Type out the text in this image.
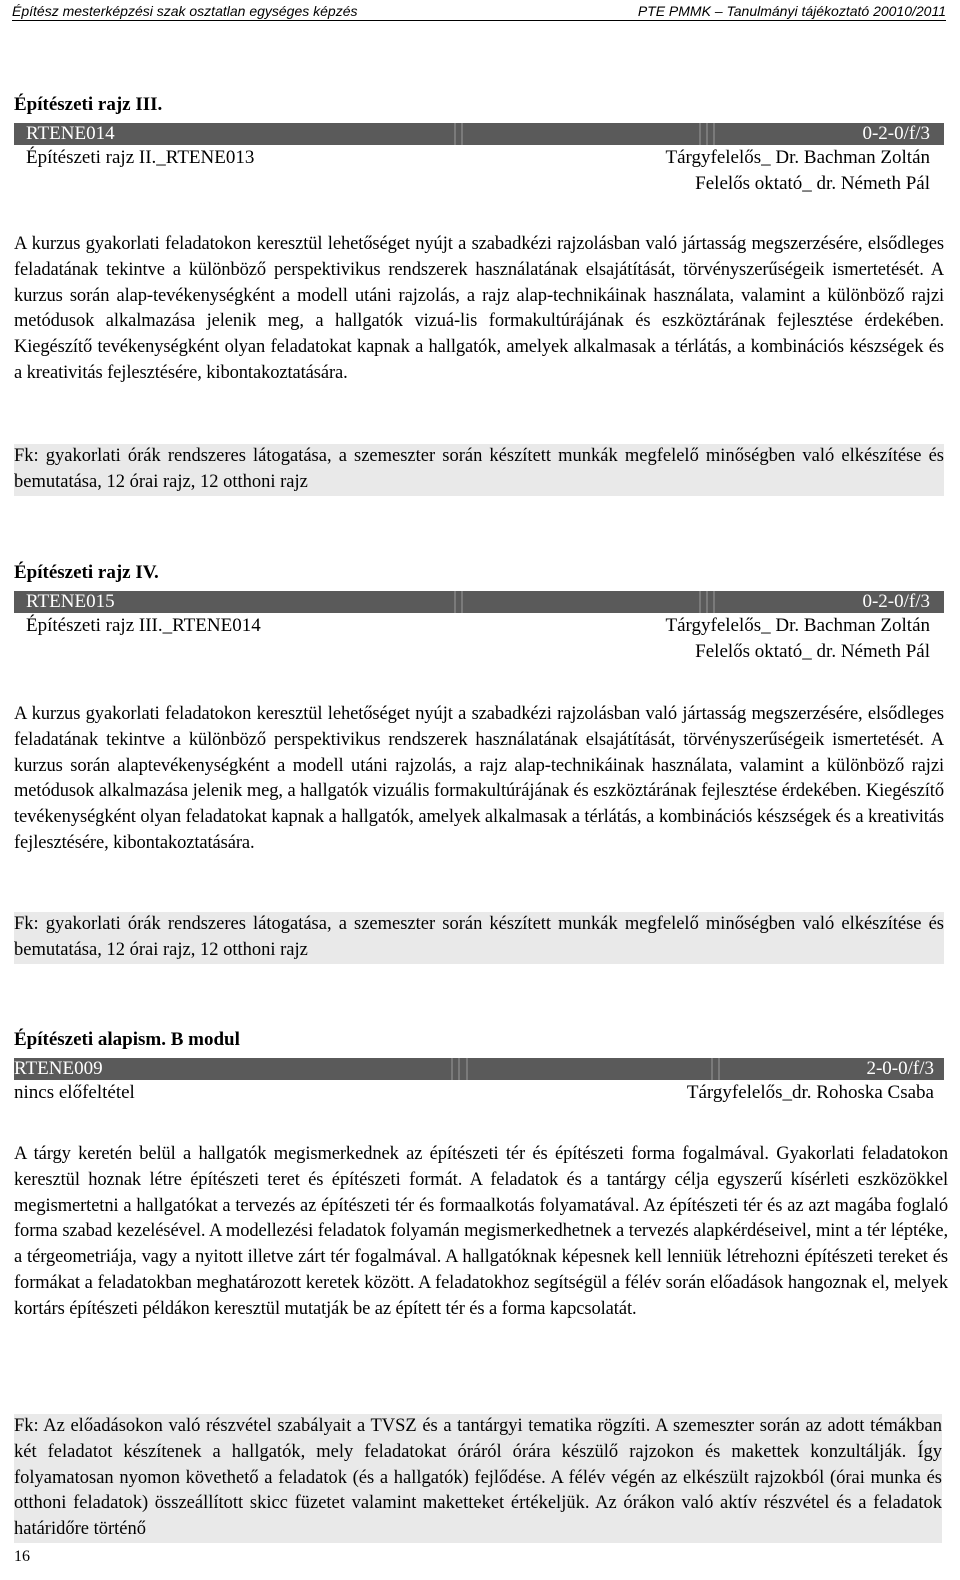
Építész mesterképzési szak osztatlan egységes képzés	PTE PMMK – Tanulmányi tájékoztató 20010/2011
Építészeti rajz III.
RTENE014	0-2-0/f/3
Építészeti rajz II._RTENE013	Tárgyfelelős_ Dr. Bachman Zoltán
Felelős oktató_ dr. Németh Pál
A kurzus gyakorlati feladatokon keresztül lehetőséget nyújt a szabadkézi rajzolásban való jártasság megszerzésére, elsődleges feladatának tekintve a különböző perspektivikus rendszerek használatának elsajátítását, törvényszerűségeik ismertetését. A kurzus során alap-tevékenységként a modell utáni rajzolás, a rajz alap-technikáinak használata, valamint a különböző rajzi metódusok alkalmazása jelenik meg, a hallgatók vizuá-lis formakultúrájának és eszköztárának fejlesztése érdekében. Kiegészítő tevékenységként olyan feladatokat kapnak a hallgatók, amelyek alkalmasak a térlátás, a kombinációs készségek és a kreativitás fejlesztésére, kibontakoztatására.
Fk: gyakorlati órák rendszeres látogatása, a szemeszter során készített munkák megfelelő minőségben való elkészítése és bemutatása, 12 órai rajz, 12 otthoni rajz
Építészeti rajz IV.
RTENE015	0-2-0/f/3
Építészeti rajz III._RTENE014	Tárgyfelelős_ Dr. Bachman Zoltán
Felelős oktató_ dr. Németh Pál
A kurzus gyakorlati feladatokon keresztül lehetőséget nyújt a szabadkézi rajzolásban való jártasság megszerzésére, elsődleges feladatának tekintve a különböző perspektivikus rendszerek használatának elsajátítását, törvényszerűségeik ismertetését. A kurzus során alaptevékenységként a modell utáni rajzolás, a rajz alap-technikáinak használata, valamint a különböző rajzi metódusok alkalmazása jelenik meg, a hallgatók vizuális formakultúrájának és eszköztárának fejlesztése érdekében. Kiegészítő tevékenységként olyan feladatokat kapnak a hallgatók, amelyek alkalmasak a térlátás, a kombinációs készségek és a kreativitás fejlesztésére, kibontakoztatására.
Fk: gyakorlati órák rendszeres látogatása, a szemeszter során készített munkák megfelelő minőségben való elkészítése és bemutatása, 12 órai rajz, 12 otthoni rajz
Építészeti alapism. B modul
RTENE009	2-0-0/f/3
nincs előfeltétel	Tárgyfelelős_dr. Rohoska Csaba
A tárgy keretén belül a hallgatók megismerkednek az építészeti tér és építészeti forma fogalmával. Gyakorlati feladatokon keresztül hoznak létre építészeti teret és építészeti formát. A feladatok és a tantárgy célja egyszerű kísérleti eszközökkel megismertetni a hallgatókat a tervezés az építészeti tér és formaalkotás folyamatával. Az építészeti tér és az azt magába foglaló forma szabad kezelésével. A modellezési feladatok folyamán megismerkedhetnek a tervezés alapkérdéseivel, mint a tér léptéke, a térgeometriája, vagy a nyitott illetve zárt tér fogalmával. A hallgatóknak képesnek kell lenniük létrehozni építészeti tereket és formákat a feladatokban meghatározott keretek között. A feladatokhoz segítségül a félév során előadások hangoznak el, melyek kortárs építészeti példákon keresztül mutatják be az épített tér és a forma kapcsolatát.
Fk: Az előadásokon való részvétel szabályait a TVSZ és a tantárgyi tematika rögzíti. A szemeszter során az adott témákban két feladatot készítenek a hallgatók, mely feladatokat óráról órára készülő rajzokon és makettek konzultálják. Így folyamatosan nyomon követhető a feladatok (és a hallgatók) fejlődése. A félév végén az elkészült rajzokból (órai munka és otthoni feladatok) összeállított skicc füzetet valamint maketteket értékeljük. Az órákon való aktív részvétel és a feladatok határidőre történő
16
